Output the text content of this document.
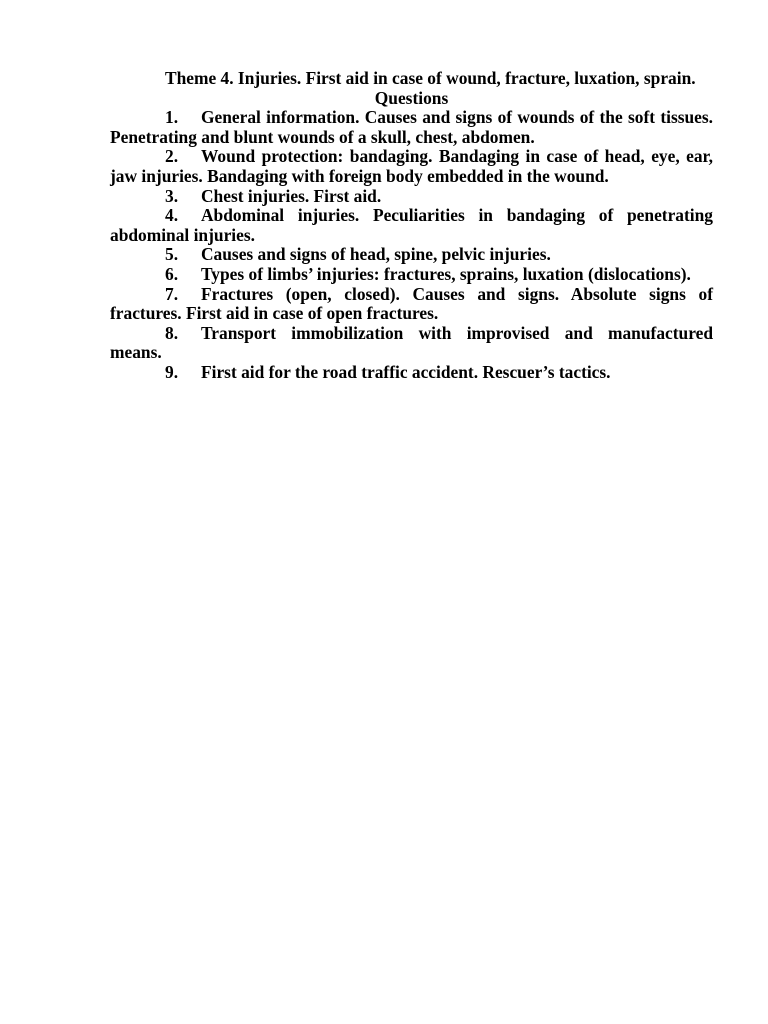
Theme 4. Injuries. First aid in case of wound, fracture, luxation, sprain.

Questions

1. General information. Causes and signs of wounds of the soft tissues. Penetrating and blunt wounds of a skull, chest, abdomen.

2. Wound protection: bandaging. Bandaging in case of head, eye, ear, jaw injuries. Bandaging with foreign body embedded in the wound.

3. Chest injuries. First aid.

4. Abdominal injuries. Peculiarities in bandaging of penetrating abdominal injuries.

5. Causes and signs of head, spine, pelvic injuries.

6. Types of limbs’ injuries: fractures, sprains, luxation (dislocations).

7. Fractures (open, closed). Causes and signs. Absolute signs of fractures. First aid in case of open fractures.

8. Transport immobilization with improvised and manufactured means.

9. First aid for the road traffic accident. Rescuer’s tactics.
